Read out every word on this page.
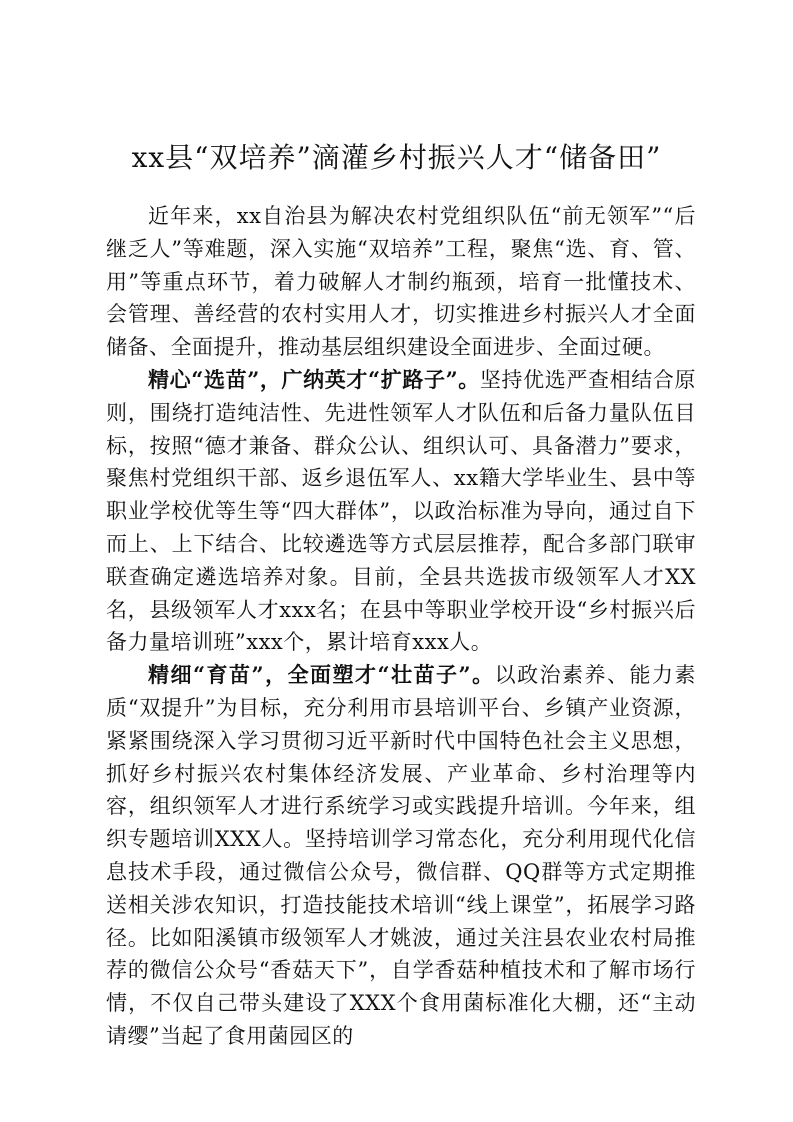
xx县“双培养”滴灌乡村振兴人才“储备田”

近年来，xx自治县为解决农村党组织队伍“前无领军”“后继乏人”等难题，深入实施“双培养”工程，聚焦“选、育、管、用”等重点环节，着力破解人才制约瓶颈，培育一批懂技术、会管理、善经营的农村实用人才，切实推进乡村振兴人才全面储备、全面提升，推动基层组织建设全面进步、全面过硬。

精心“选苗”，广纳英才“扩路子”。坚持优选严查相结合原则，围绕打造纯洁性、先进性领军人才队伍和后备力量队伍目标，按照“德才兼备、群众公认、组织认可、具备潜力”要求，聚焦村党组织干部、返乡退伍军人、xx籍大学毕业生、县中等职业学校优等生等“四大群体”，以政治标准为导向，通过自下而上、上下结合、比较遴选等方式层层推荐，配合多部门联审联查确定遴选培养对象。目前，全县共选拔市级领军人才XX名，县级领军人才xxx名；在县中等职业学校开设“乡村振兴后备力量培训班”xxx个，累计培育xxx人。

精细“育苗”，全面塑才“壮苗子”。以政治素养、能力素质“双提升”为目标，充分利用市县培训平台、乡镇产业资源，紧紧围绕深入学习贯彻习近平新时代中国特色社会主义思想，抓好乡村振兴农村集体经济发展、产业革命、乡村治理等内容，组织领军人才进行系统学习或实践提升培训。今年来，组织专题培训XXX人。坚持培训学习常态化，充分利用现代化信息技术手段，通过微信公众号，微信群、QQ群等方式定期推送相关涉农知识，打造技能技术培训“线上课堂”，拓展学习路径。比如阳溪镇市级领军人才姚波，通过关注县农业农村局推荐的微信公众号“香菇天下”，自学香菇种植技术和了解市场行情，不仅自己带头建设了XXX个食用菌标准化大棚，还“主动请缨”当起了食用菌园区的
